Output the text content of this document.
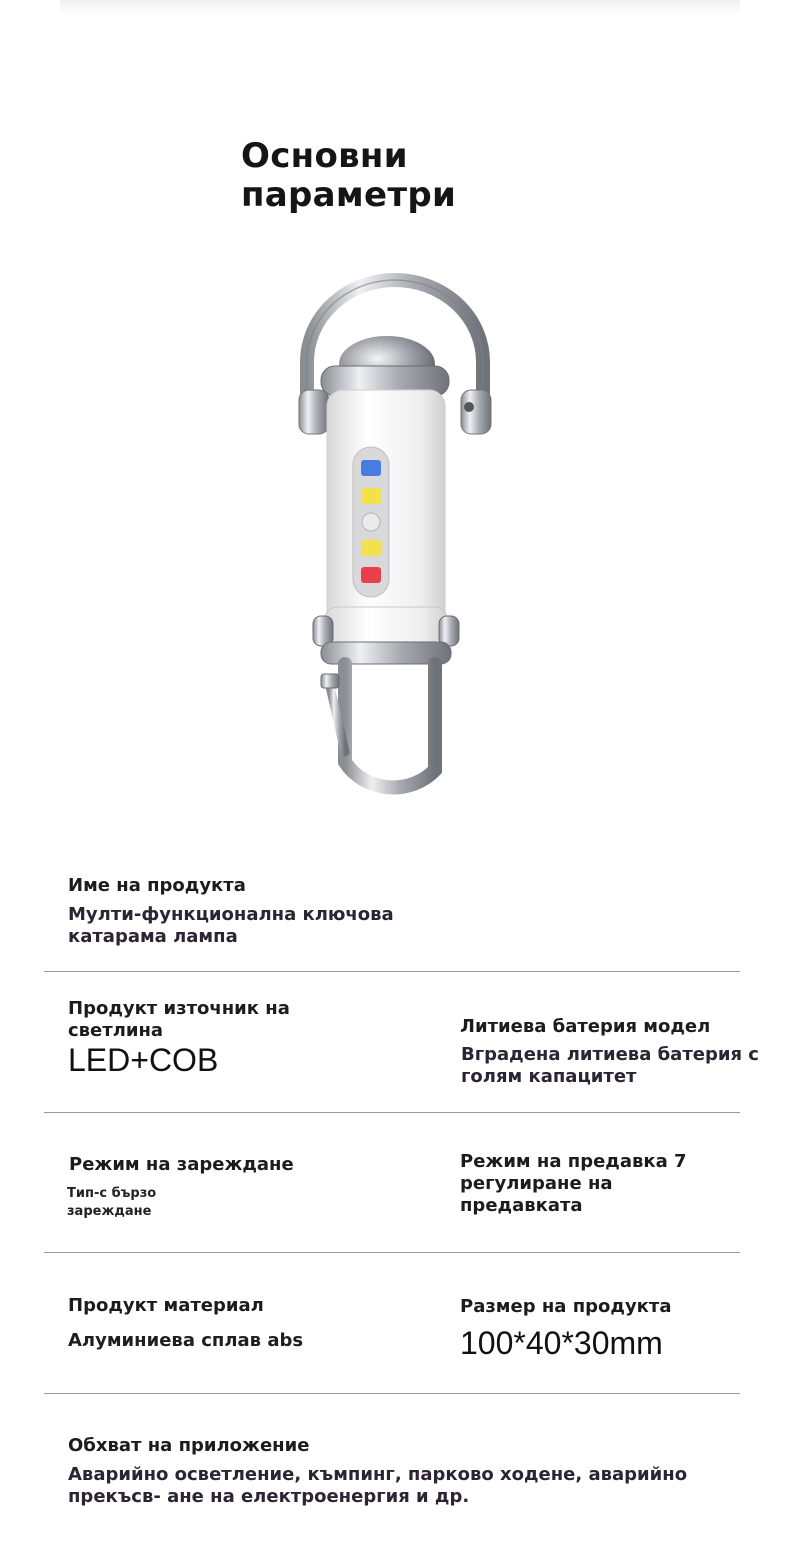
Основни
параметри

Име на продукта

Мулти-функционална ключова катарама лампа

Продукт източник на светлина

LED+COB

Литиева батерия модел

Вградена литиева батерия с голям капацитет

Режим на зареждане

Тип-с бързо зареждане

Режим на предавка 7 регулиране на предавката

Продукт материал

Алуминиева сплав abs

Размер на продукта

100*40*30mm

Обхват на приложение

Аварийно осветление, къмпинг, парково ходене, аварийно прекъсв- ане на електроенергия и др.
